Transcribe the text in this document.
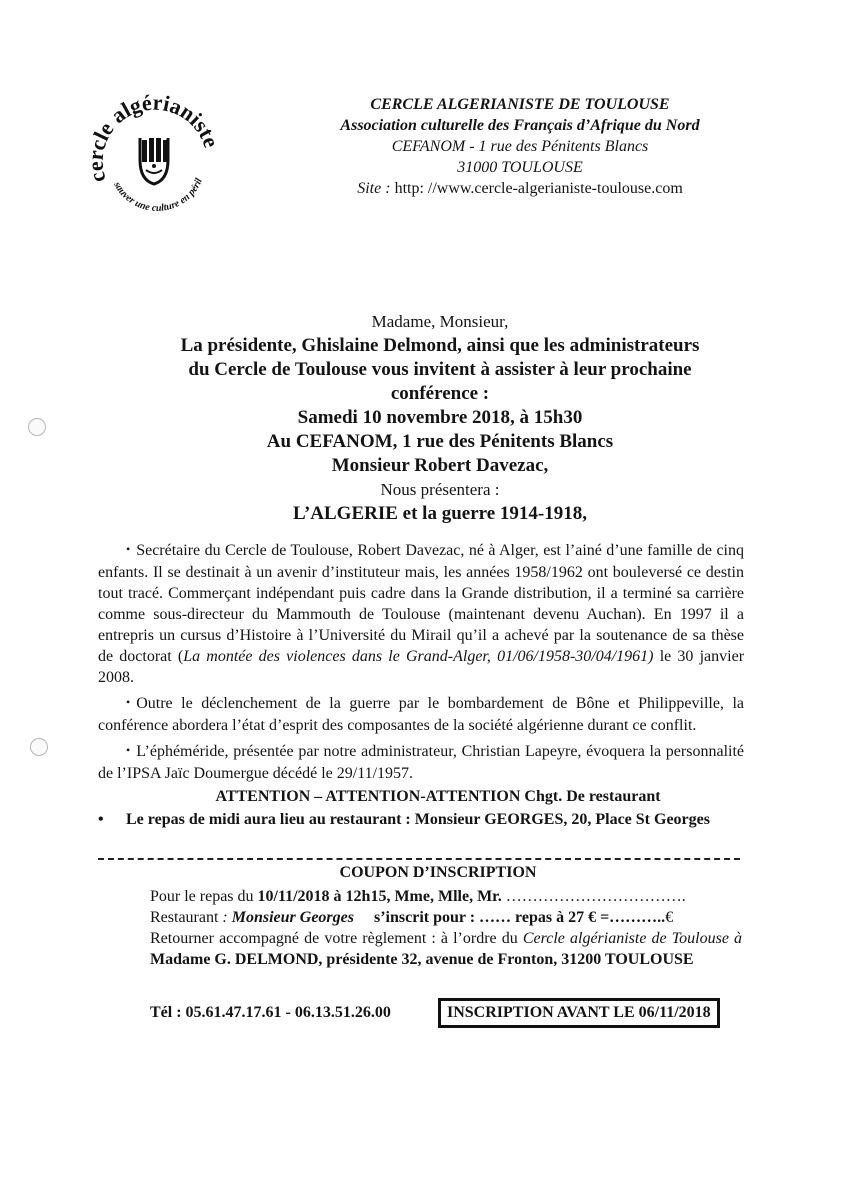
cercle algérianiste
sauver une culture en péril
CERCLE ALGERIANISTE DE TOULOUSE
Association culturelle des Français d’Afrique du Nord
CEFANOM - 1 rue des Pénitents Blancs
31000 TOULOUSE
Site : http: //www.cercle-algerianiste-toulouse.com
Madame, Monsieur,
La présidente, Ghislaine Delmond, ainsi que les administrateurs
du Cercle de Toulouse vous invitent à assister à leur prochaine
conférence :
Samedi 10 novembre 2018, à 15h30
Au CEFANOM, 1 rue des Pénitents Blancs
Monsieur Robert Davezac,
Nous présentera :
L’ALGERIE et la guerre 1914-1918,

• Secrétaire du Cercle de Toulouse, Robert Davezac, né à Alger, est l’ainé d’une famille de cinq enfants. Il se destinait à un avenir d’instituteur mais, les années 1958/1962 ont bouleversé ce destin tout tracé. Commerçant indépendant puis cadre dans la Grande distribution, il a terminé sa carrière comme sous-directeur du Mammouth de Toulouse (maintenant devenu Auchan). En 1997 il a entrepris un cursus d’Histoire à l’Université du Mirail qu’il a achevé par la soutenance de sa thèse de doctorat (La montée des violences dans le Grand-Alger, 01/06/1958-30/04/1961) le 30 janvier 2008.

• Outre le déclenchement de la guerre par le bombardement de Bône et Philippeville, la conférence abordera l’état d’esprit des composantes de la société algérienne durant ce conflit.

• L’éphéméride, présentée par notre administrateur, Christian Lapeyre, évoquera la personnalité de l’IPSA Jaïc Doumergue décédé le 29/11/1957.

ATTENTION – ATTENTION-ATTENTION Chgt. De restaurant
• Le repas de midi aura lieu au restaurant : Monsieur GEORGES, 20, Place St Georges
COUPON D’INSCRIPTION
Pour le repas du 10/11/2018 à 12h15, Mme, Mlle, Mr. …………………………….
Restaurant : Monsieur Georges s’inscrit pour : …… repas à 27 € =………..€
Retourner accompagné de votre règlement : à l’ordre du Cercle algérianiste de Toulouse à Madame G. DELMOND, présidente 32, avenue de Fronton, 31200 TOULOUSE
Tél : 05.61.47.17.61 - 06.13.51.26.00	INSCRIPTION AVANT LE 06/11/2018
